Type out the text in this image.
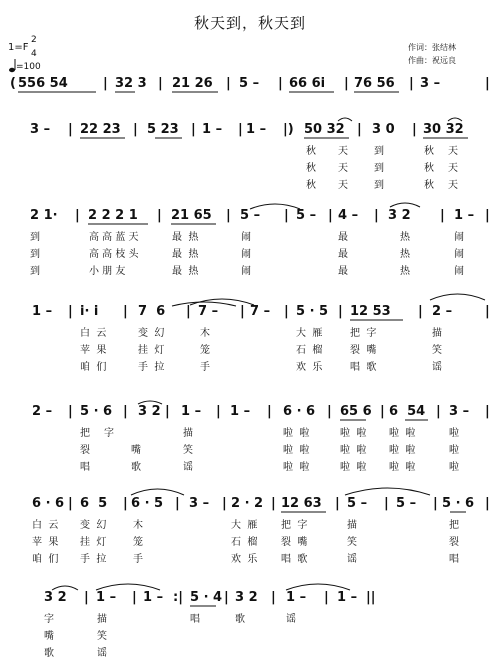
秋天到，秋天到
作词：张结林
作曲：祝远良
1=F
2
4
=100
( 556 54	| 32 3 | 21 26 | 5 – | 66 6i | 76 56 | 3 –	|
3 – | 22 23 | 5 23 | 1 – | 1 – |) 50 32 | 3 0 | 30 32
秋 天	到	秋 天
秋 天	到	秋 天
秋 天	到	秋 天
2 1· | 2 2 2 1 | 21 65 | 5 – | 5 – | 4 – | 3 2 | 1 – |
到	高 高 蓝 天	最  热	闹	最	热	闹
到	高 高 枝 头	最  热	闹	最	热	闹
到	小 朋 友	最  热	闹	最	热	闹
1 – | i· i | 7  6 | 7 – | 7 – | 5 · 5 | 12 53 | 2 –	|
白  云	变  幻	木	大  雁	把  字	描
苹  果	挂  灯	笼	石  榴	裂  嘴	笑
咱  们	手  拉	手	欢  乐	唱  歌	谣
2 – | 5 · 6 | 3 2 | 1 – | 1 – | 6 · 6 | 65 6 | 6  54 | 3 – |
把 字	描	啦  啦	啦  啦 啦  啦	啦
裂	嘴	笑	啦  啦	啦  啦 啦  啦	啦
唱	歌	谣	啦  啦	啦  啦 啦  啦	啦
6 · 6 | 6  5 | 6 · 5 | 3 – | 2 · 2 | 12 63 | 5 – | 5 – | 5 · 6 |
白  云 变  幻	木	大  雁 把  字	描	把
苹  果 挂  灯	笼	石  榴 裂  嘴	笑	裂
咱  们 手  拉	手	欢  乐 唱  歌	谣	唱
3 2 | 1 – | 1 – :| 5 · 4 | 3 2 | 1 – | 1 – ||
字	描	唱	歌	谣
嘴	笑
歌	谣
